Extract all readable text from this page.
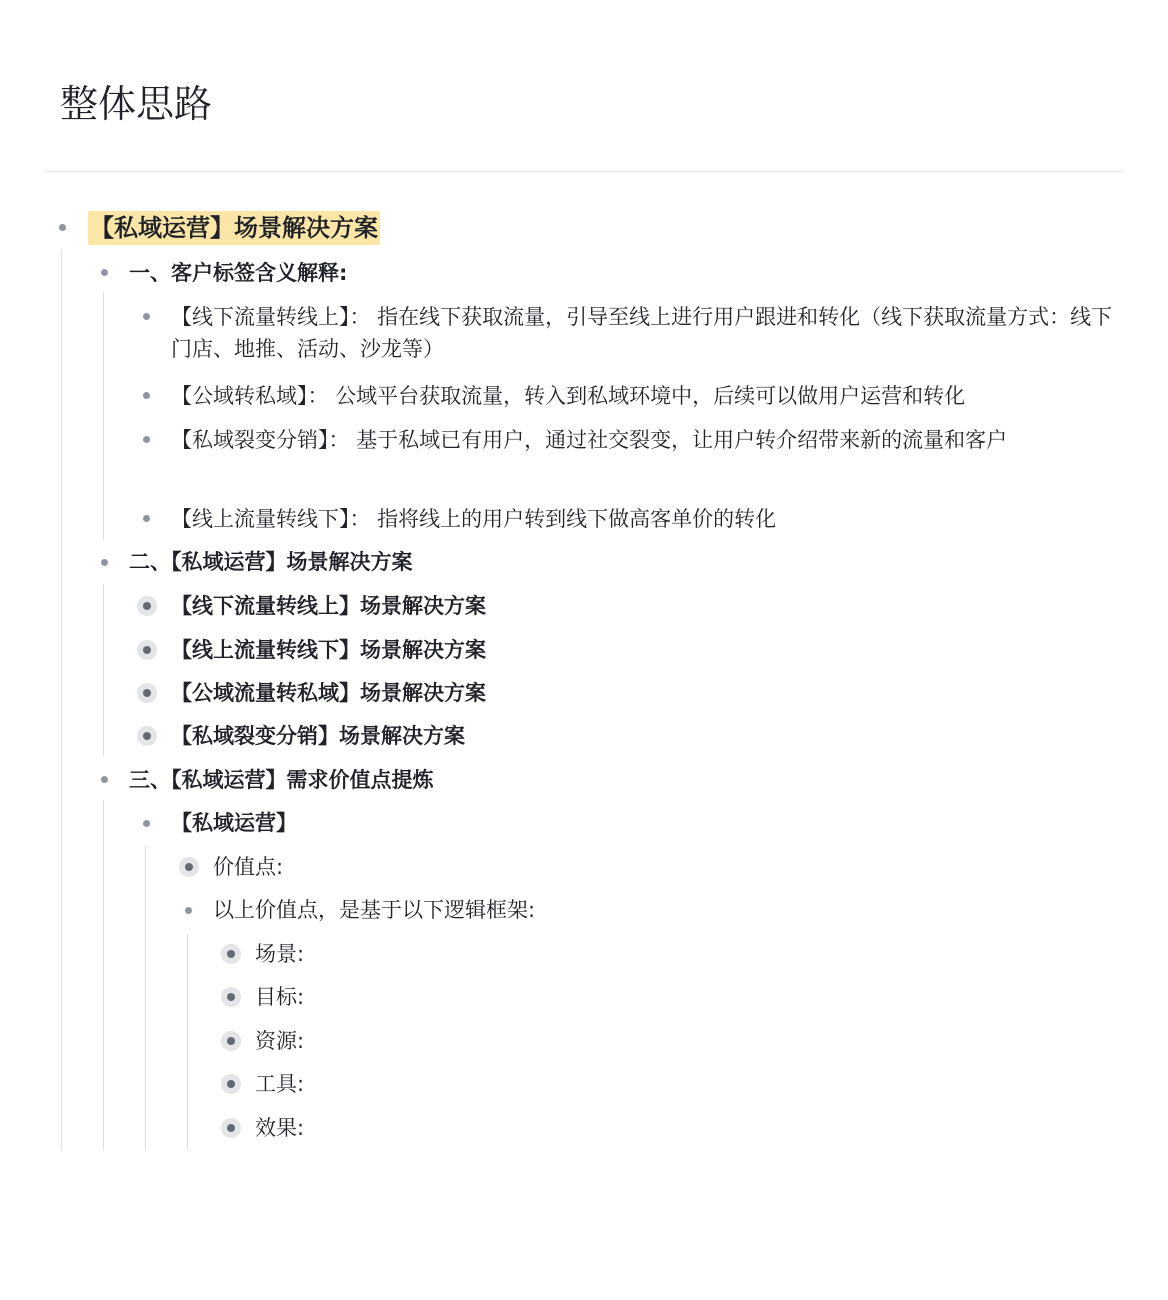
整体思路
【私域运营】场景解决方案
一、客户标签含义解释:
【线下流量转线上】： 指在线下获取流量，引导至线上进行用户跟进和转化（线下获取流量方式：线下门店、地推、活动、沙龙等）
【公域转私域】： 公域平台获取流量，转入到私域环境中，后续可以做用户运营和转化
【私域裂变分销】： 基于私域已有用户，通过社交裂变，让用户转介绍带来新的流量和客户
【线上流量转线下】： 指将线上的用户转到线下做高客单价的转化
二、【私域运营】场景解决方案
【线下流量转线上】场景解决方案
【线上流量转线下】场景解决方案
【公域流量转私域】场景解决方案
【私域裂变分销】场景解决方案
三、【私域运营】需求价值点提炼
【私域运营】
价值点:
以上价值点，是基于以下逻辑框架:
场景:
目标:
资源:
工具:
效果:
